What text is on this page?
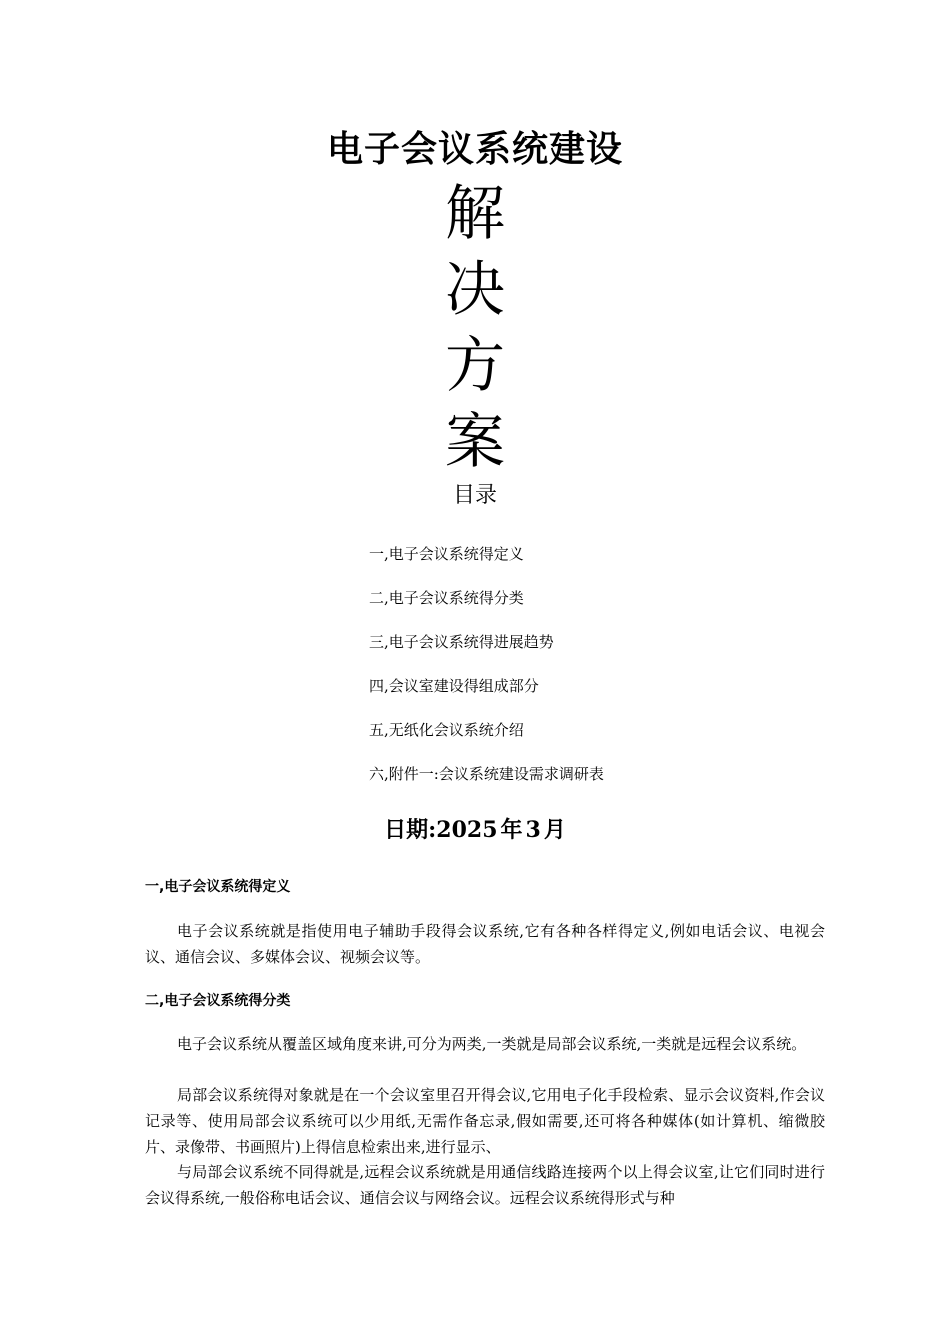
电子会议系统建设
解
决
方
案
目录
一,电子会议系统得定义
二,电子会议系统得分类
三,电子会议系统得进展趋势
四,会议室建设得组成部分
五,无纸化会议系统介绍
六,附件一:会议系统建设需求调研表
日期:2025 年 3 月
一,电子会议系统得定义

电子会议系统就是指使用电子辅助手段得会议系统,它有各种各样得定义,例如电话会议、电视会议、通信会议、多媒体会议、视频会议等。

二,电子会议系统得分类

电子会议系统从覆盖区域角度来讲,可分为两类,一类就是局部会议系统,一类就是远程会议系统。

局部会议系统得对象就是在一个会议室里召开得会议,它用电子化手段检索、显示会议资料,作会议记录等、使用局部会议系统可以少用纸,无需作备忘录,假如需要,还可将各种媒体(如计算机、缩微胶片、录像带、书画照片)上得信息检索出来,进行显示、

与局部会议系统不同得就是,远程会议系统就是用通信线路连接两个以上得会议室,让它们同时进行会议得系统,一般俗称电话会议、通信会议与网络会议。远程会议系统得形式与种
